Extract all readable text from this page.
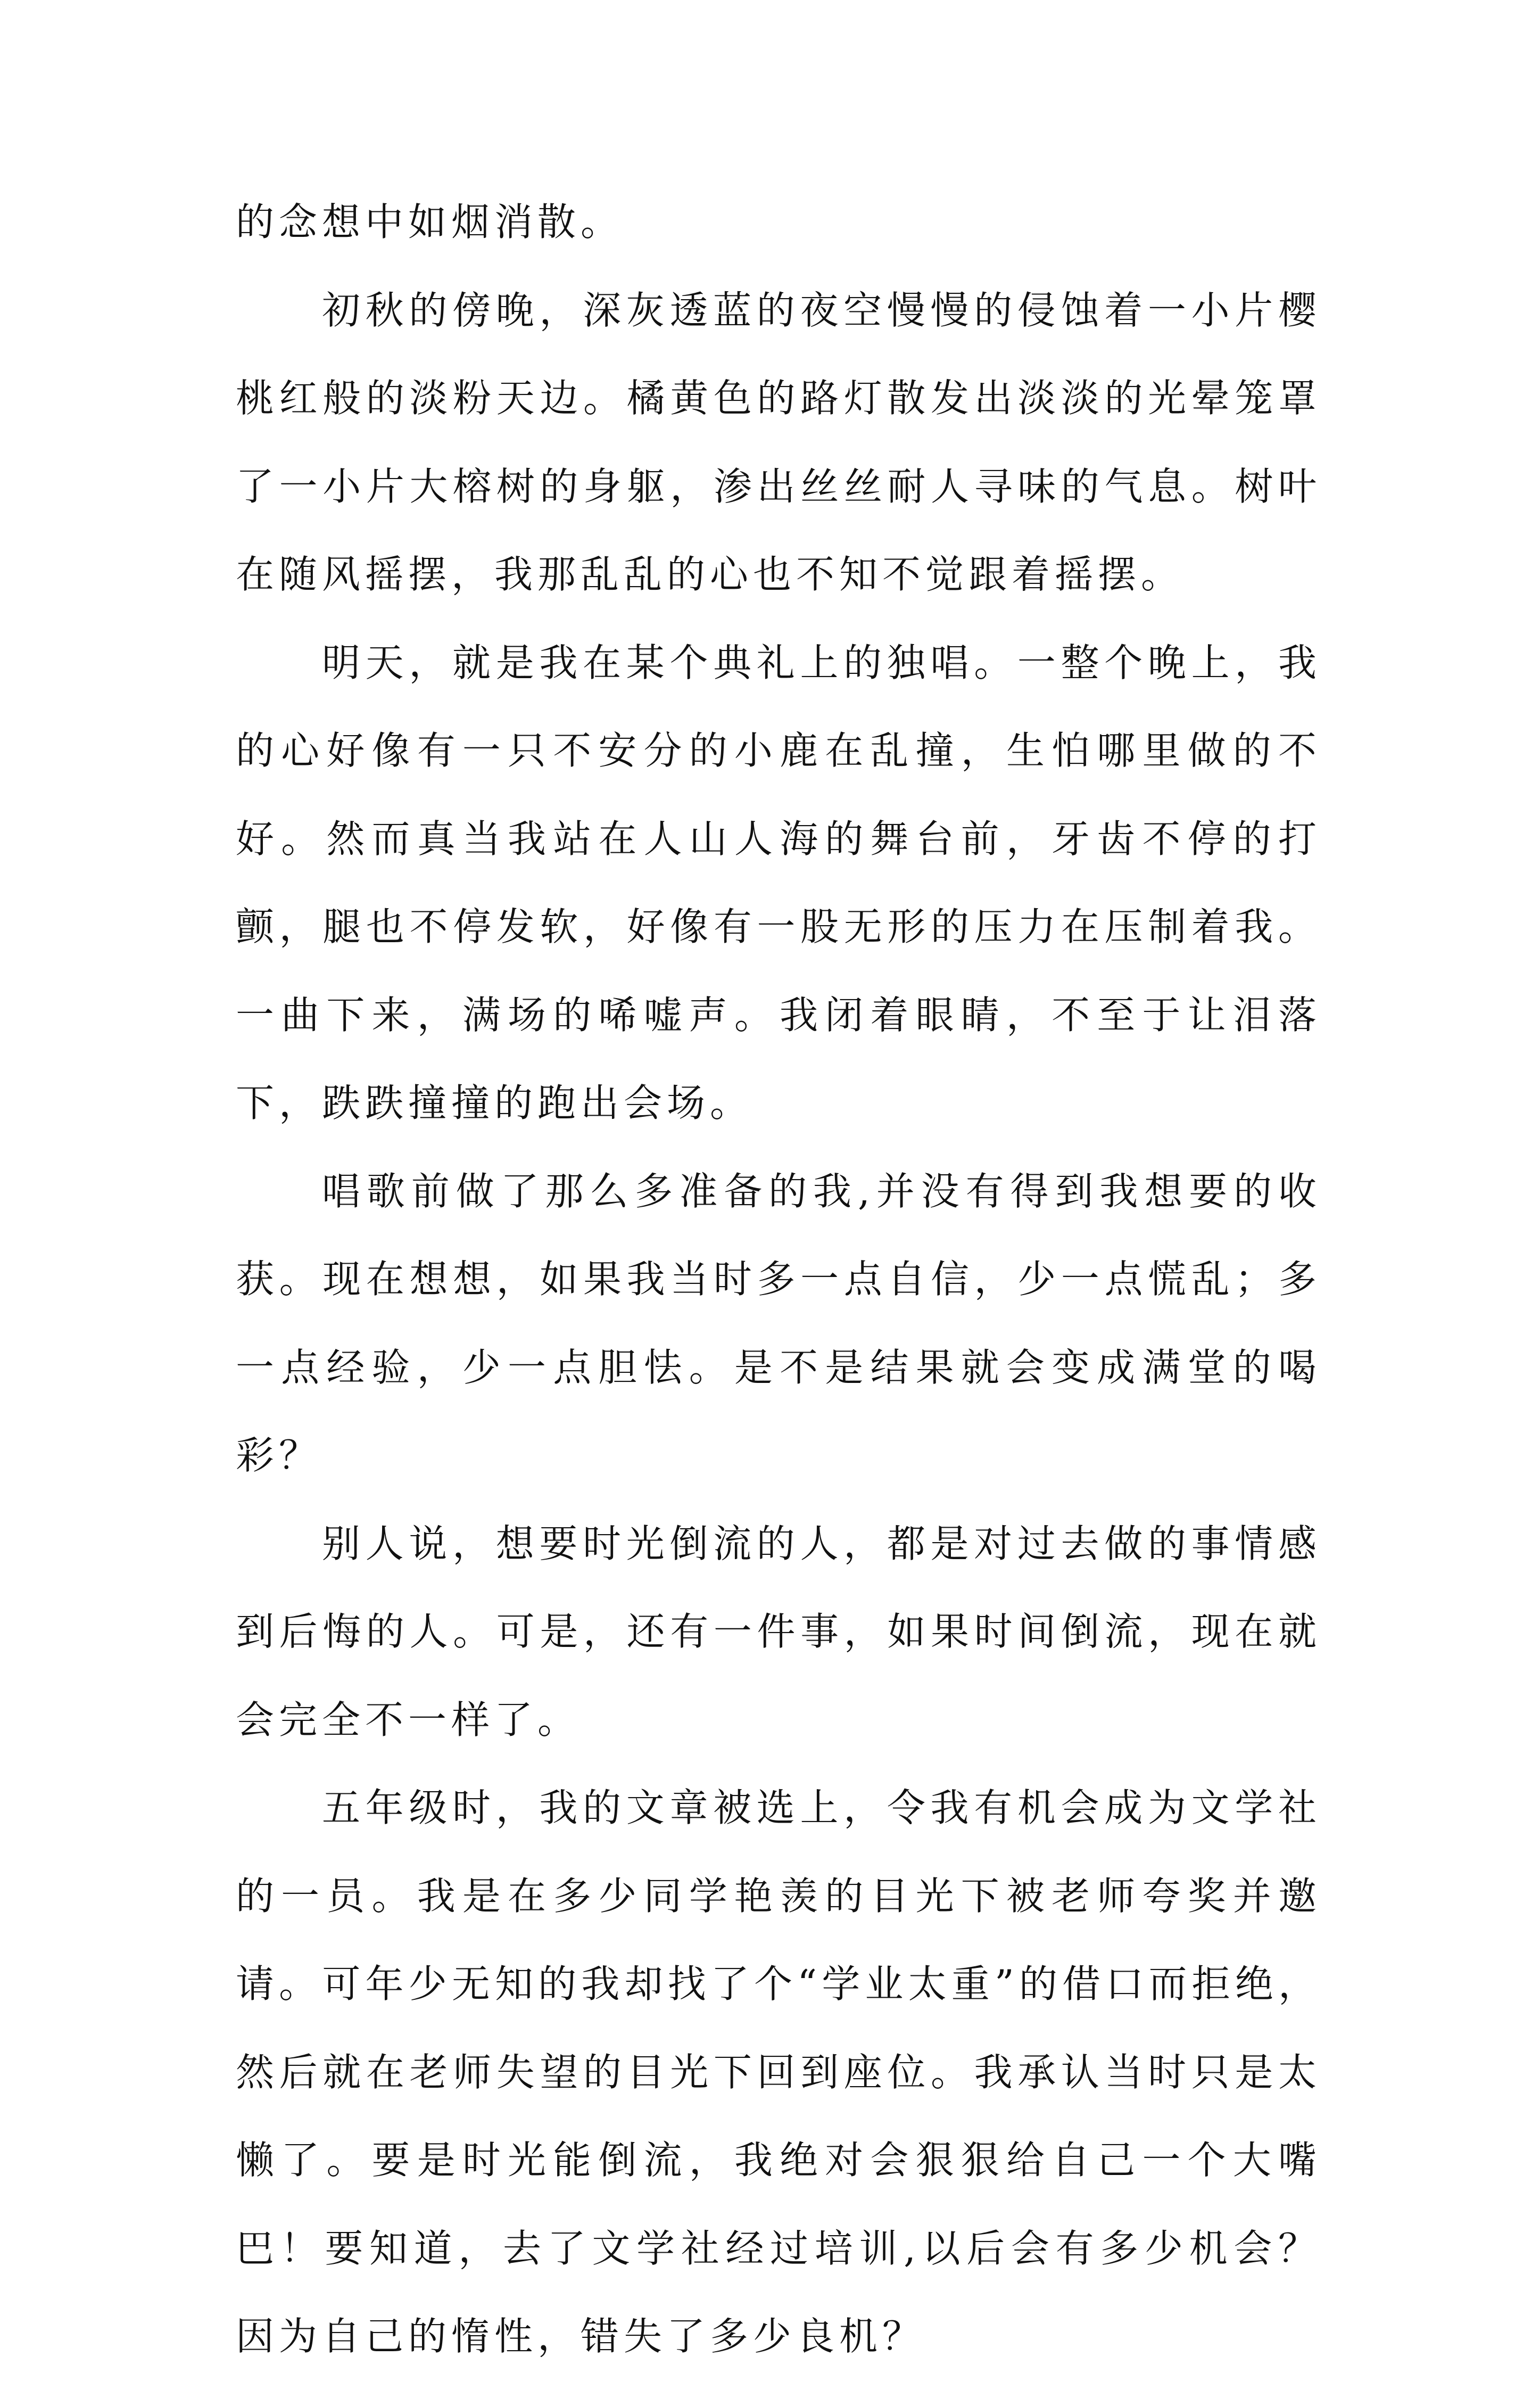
的念想中如烟消散。

初秋的傍晚，深灰透蓝的夜空慢慢的侵蚀着一小片樱桃红般的淡粉天边。橘黄色的路灯散发出淡淡的光晕笼罩了一小片大榕树的身躯，渗出丝丝耐人寻味的气息。树叶在随风摇摆，我那乱乱的心也不知不觉跟着摇摆。

明天，就是我在某个典礼上的独唱。一整个晚上，我的心好像有一只不安分的小鹿在乱撞，生怕哪里做的不好。然而真当我站在人山人海的舞台前，牙齿不停的打颤，腿也不停发软，好像有一股无形的压力在压制着我。一曲下来，满场的唏嘘声。我闭着眼睛，不至于让泪落下，跌跌撞撞的跑出会场。

唱歌前做了那么多准备的我,并没有得到我想要的收获。现在想想，如果我当时多一点自信，少一点慌乱；多一点经验，少一点胆怯。是不是结果就会变成满堂的喝彩？

别人说，想要时光倒流的人，都是对过去做的事情感到后悔的人。可是，还有一件事，如果时间倒流，现在就会完全不一样了。

五年级时，我的文章被选上，令我有机会成为文学社的一员。我是在多少同学艳羡的目光下被老师夸奖并邀请。可年少无知的我却找了个“学业太重”的借口而拒绝，然后就在老师失望的目光下回到座位。我承认当时只是太懒了。要是时光能倒流，我绝对会狠狠给自己一个大嘴巴！要知道，去了文学社经过培训,以后会有多少机会？因为自己的惰性，错失了多少良机？
